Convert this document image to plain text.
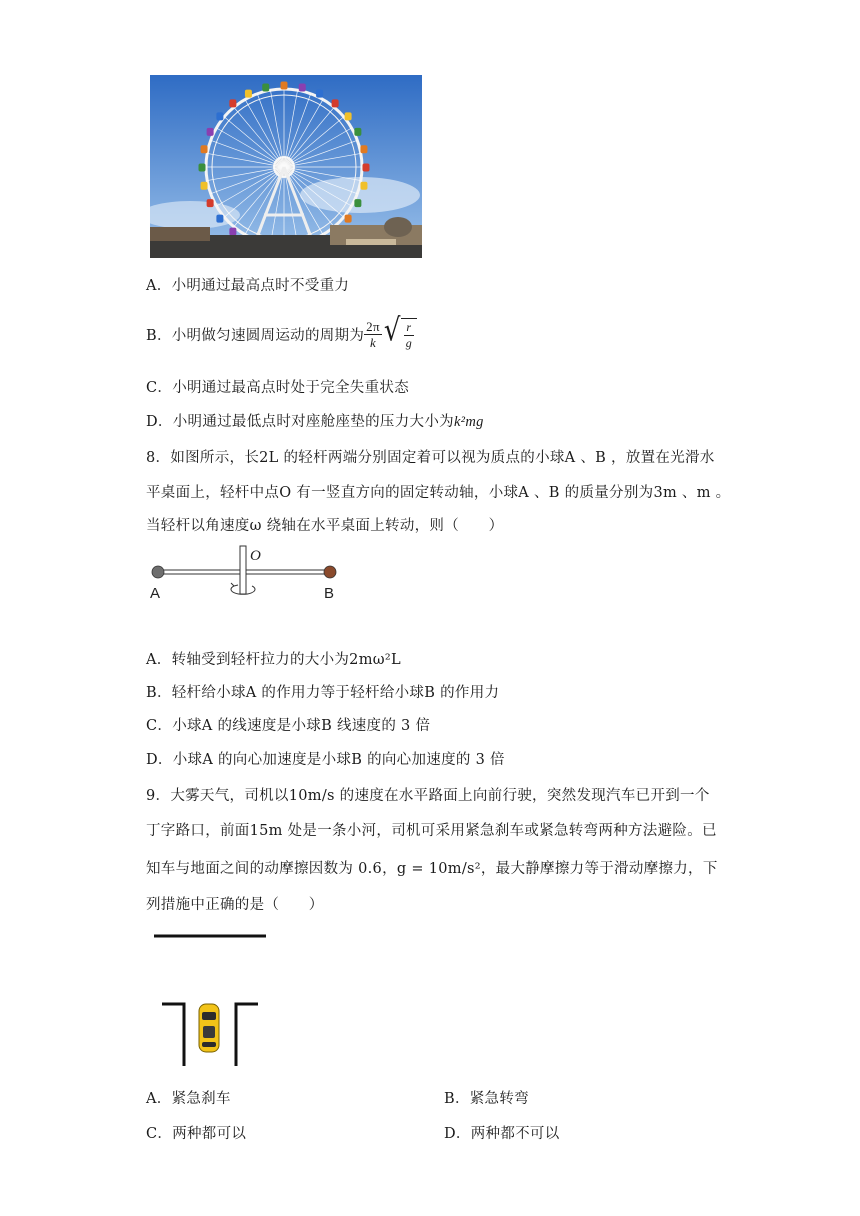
A．小明通过最高点时不受重力
B．小明做匀速圆周运动的周期为 $\frac{2\pi}{k}$ √ $\frac{r}{g}$
C．小明通过最高点时处于完全失重状态
D．小明通过最低点时对座舱座垫的压力大小为k²mg
8．如图所示，长2L 的轻杆两端分别固定着可以视为质点的小球A 、B ，放置在光滑水
平桌面上，轻杆中点O 有一竖直方向的固定转动轴，小球A 、B 的质量分别为3m 、m 。
当轻杆以角速度ω 绕轴在水平桌面上转动，则（　　）
O
A	B
A．转轴受到轻杆拉力的大小为2mω²L
B．轻杆给小球A 的作用力等于轻杆给小球B 的作用力
C．小球A 的线速度是小球B 线速度的 3 倍
D．小球A 的向心加速度是小球B 的向心加速度的 3 倍
9．大雾天气，司机以10m/s 的速度在水平路面上向前行驶，突然发现汽车已开到一个
丁字路口，前面15m 处是一条小河，司机可采用紧急刹车或紧急转弯两种方法避险。已
知车与地面之间的动摩擦因数为 0.6，g = 10m/s²，最大静摩擦力等于滑动摩擦力，下
列措施中正确的是（　　）
A．紧急刹车	B．紧急转弯
C．两种都可以	D．两种都不可以
